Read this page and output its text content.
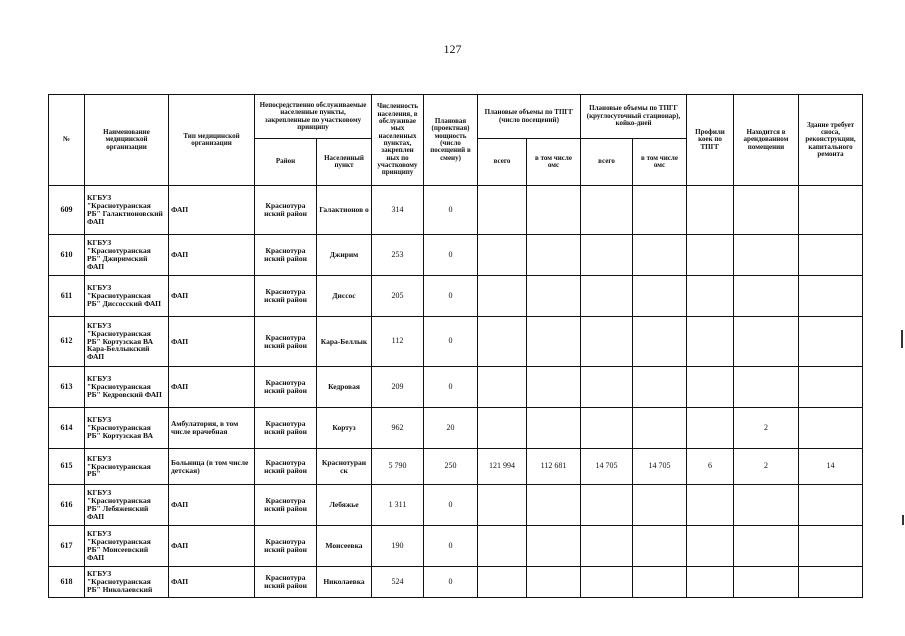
127
№	Наименование медицинской организации	Тип медицинской организации	Непосредственно обслуживаемые населенные пункты, закрепленные по участковому принципу		Численность населения, в обслуживае мых населенных пунктах, закреплен ных по участковому принципу	Плановая (проектная) мощность (число посещений в смену)	Плановые объемы по ТПГГ (число посещений)		Плановые объемы по ТПГГ (круглосуточный стационар), койко-дней		Профили коек по ТПГГ	Находится в арендованном помещении	Здание требует сноса, реконструкции, капитального ремонта
			Район	Населенный пункт			всего	в том числе омс	всего	в том числе омс			
609	КГБУЗ "Краснотуранская РБ" Галактионовский ФАП	ФАП	Краснотура нский район	Галактионов о	314	0							
610	КГБУЗ "Краснотуранская РБ" Джиримский ФАП	ФАП	Краснотура нский район	Джирим	253	0							
611	КГБУЗ "Краснотуранская РБ" Диссосский ФАП	ФАП	Краснотура нский район	Диссос	205	0							
612	КГБУЗ "Краснотуранская РБ" Кортузская ВА Кара-Беллыкский ФАП	ФАП	Краснотура нский район	Кара-Беллык	112	0							
613	КГБУЗ "Краснотуранская РБ" Кедровский ФАП	ФАП	Краснотура нский район	Кедровая	209	0							
614	КГБУЗ "Краснотуранская РБ" Кортузская ВА	Амбулатория, в том числе врачебная	Краснотура нский район	Кортуз	962	20						2	
615	КГБУЗ "Краснотуранская РБ"	Больница (в том числе детская)	Краснотура нский район	Краснотуран ск	5 790	250	121 994	112 681	14 705	14 705	6	2	14
616	КГБУЗ "Краснотуранская РБ" Лебяженский ФАП	ФАП	Краснотура нский район	Лебяжье	1 311	0							
617	КГБУЗ "Краснотуранская РБ" Моисеевский ФАП	ФАП	Краснотура нский район	Моисеевка	190	0							
618	КГБУЗ "Краснотуранская РБ" Николаевский	ФАП	Краснотура нский район	Николаевка	524	0							
